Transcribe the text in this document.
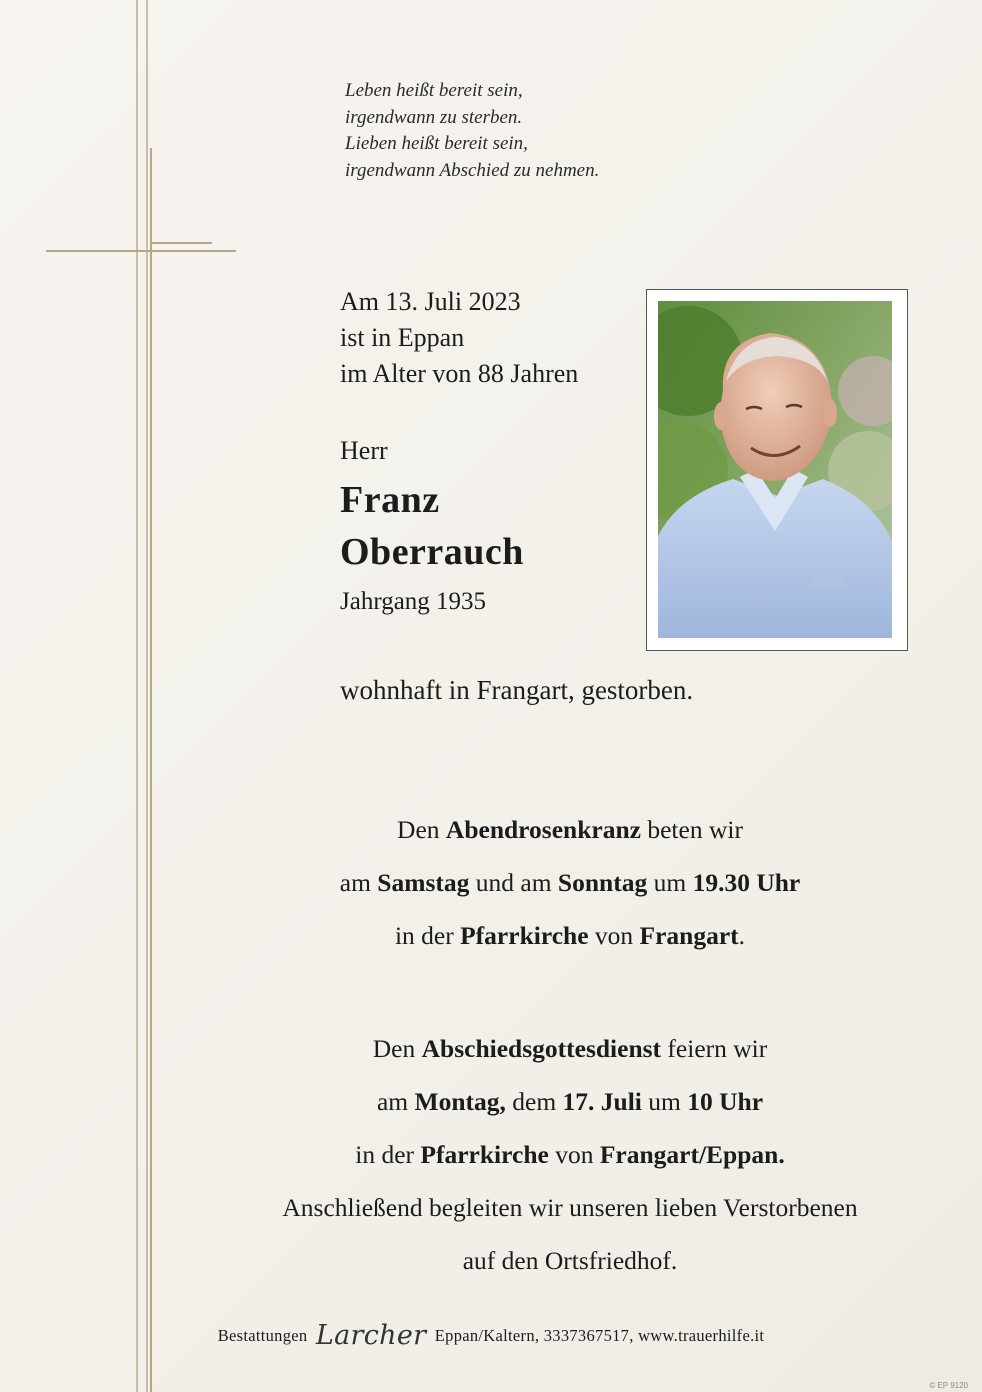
Leben heißt bereit sein,
irgendwann zu sterben.
Lieben heißt bereit sein,
irgendwann Abschied zu nehmen.
Am 13. Juli 2023
ist in Eppan
im Alter von 88 Jahren
Herr
Franz
Oberrauch
Jahrgang 1935
wohnhaft in Frangart, gestorben.
Den Abendrosenkranz beten wir
am Samstag und am Sonntag um 19.30 Uhr
in der Pfarrkirche von Frangart.
Den Abschiedsgottesdienst feiern wir
am Montag, dem 17. Juli um 10 Uhr
in der Pfarrkirche von Frangart/Eppan.
Anschließend begleiten wir unseren lieben Verstorbenen
auf den Ortsfriedhof.
Bestattungen Larcher Eppan/Kaltern, 3337367517, www.trauerhilfe.it
© EP 9120
